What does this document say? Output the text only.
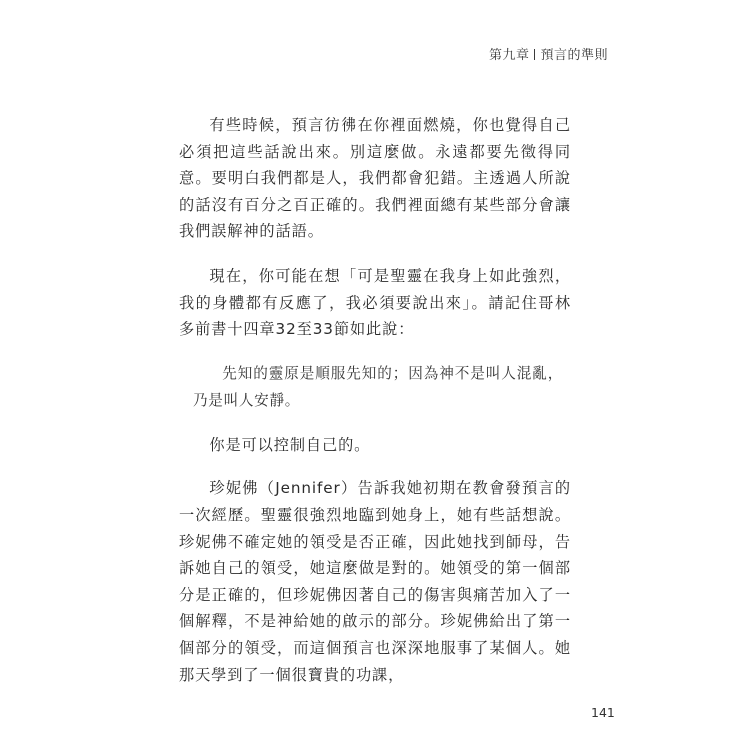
第九章 預言的準則

有些時候，預言彷彿在你裡面燃燒，你也覺得自己必須把這些話說出來。別這麼做。永遠都要先徵得同意。要明白我們都是人，我們都會犯錯。主透過人所說的話沒有百分之百正確的。我們裡面總有某些部分會讓我們誤解神的話語。

現在，你可能在想「可是聖靈在我身上如此強烈，我的身體都有反應了，我必須要說出來」。請記住哥林多前書十四章32至33節如此說：

先知的靈原是順服先知的；因為神不是叫人混亂，乃是叫人安靜。

你是可以控制自己的。

珍妮佛（Jennifer）告訴我她初期在教會發預言的一次經歷。聖靈很強烈地臨到她身上，她有些話想說。珍妮佛不確定她的領受是否正確，因此她找到師母，告訴她自己的領受，她這麼做是對的。她領受的第一個部分是正確的，但珍妮佛因著自己的傷害與痛苦加入了一個解釋，不是神給她的啟示的部分。珍妮佛給出了第一個部分的領受，而這個預言也深深地服事了某個人。她那天學到了一個很寶貴的功課，

141
